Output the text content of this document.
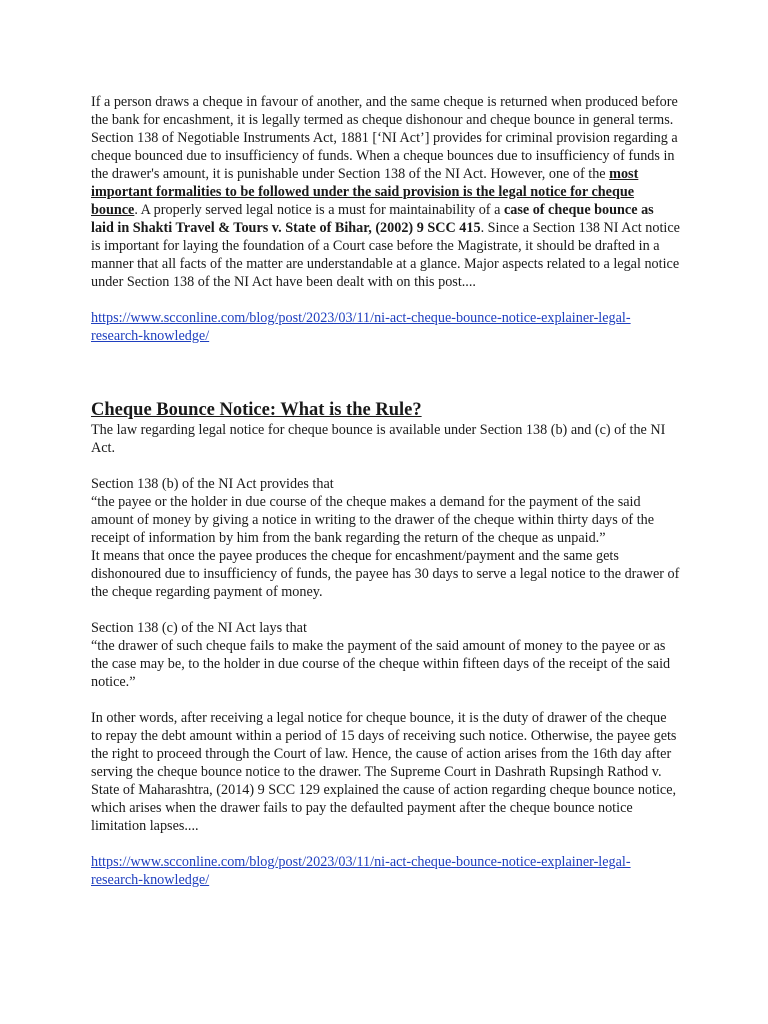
If a person draws a cheque in favour of another, and the same cheque is returned when produced before the bank for encashment, it is legally termed as cheque dishonour and cheque bounce in general terms. Section 138 of Negotiable Instruments Act, 1881 [‘NI Act’] provides for criminal provision regarding a cheque bounced due to insufficiency of funds. When a cheque bounces due to insufficiency of funds in the drawer's amount, it is punishable under Section 138 of the NI Act. However, one of the most important formalities to be followed under the said provision is the legal notice for cheque bounce. A properly served legal notice is a must for maintainability of a case of cheque bounce as laid in Shakti Travel & Tours v. State of Bihar, (2002) 9 SCC 415. Since a Section 138 NI Act notice is important for laying the foundation of a Court case before the Magistrate, it should be drafted in a manner that all facts of the matter are understandable at a glance. Major aspects related to a legal notice under Section 138 of the NI Act have been dealt with on this post....

https://www.scconline.com/blog/post/2023/03/11/ni-act-cheque-bounce-notice-explainer-legal-research-knowledge/

Cheque Bounce Notice: What is the Rule?

The law regarding legal notice for cheque bounce is available under Section 138 (b) and (c) of the NI Act.

Section 138 (b) of the NI Act provides that

“the payee or the holder in due course of the cheque makes a demand for the payment of the said amount of money by giving a notice in writing to the drawer of the cheque within thirty days of the receipt of information by him from the bank regarding the return of the cheque as unpaid.”

It means that once the payee produces the cheque for encashment/payment and the same gets dishonoured due to insufficiency of funds, the payee has 30 days to serve a legal notice to the drawer of the cheque regarding payment of money.

Section 138 (c) of the NI Act lays that

“the drawer of such cheque fails to make the payment of the said amount of money to the payee or as the case may be, to the holder in due course of the cheque within fifteen days of the receipt of the said notice.”

In other words, after receiving a legal notice for cheque bounce, it is the duty of drawer of the cheque to repay the debt amount within a period of 15 days of receiving such notice. Otherwise, the payee gets the right to proceed through the Court of law. Hence, the cause of action arises from the 16th day after serving the cheque bounce notice to the drawer. The Supreme Court in Dashrath Rupsingh Rathod v. State of Maharashtra, (2014) 9 SCC 129 explained the cause of action regarding cheque bounce notice, which arises when the drawer fails to pay the defaulted payment after the cheque bounce notice limitation lapses....

https://www.scconline.com/blog/post/2023/03/11/ni-act-cheque-bounce-notice-explainer-legal-research-knowledge/
